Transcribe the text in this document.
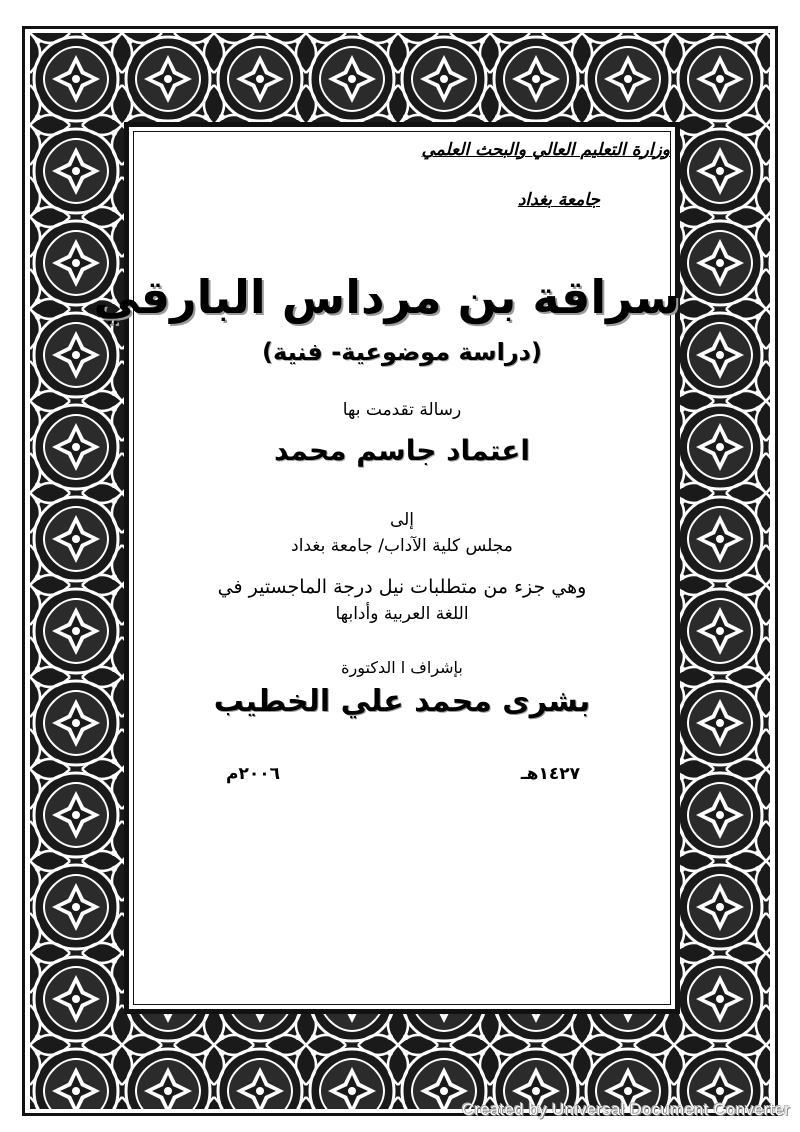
وزارة التعليم العالي والبحث العلمي
جامعة بغداد
سراقة بن مرداس البارقي
(دراسة موضوعية- فنية)
رسالة تقدمت بها
اعتماد جاسم محمد
إلى
مجلس كلية الآداب/ جامعة بغداد
وهي جزء من متطلبات نيل درجة الماجستير في
اللغة العربية وأدابها
بإشراف ا الدكتورة
بشرى محمد علي الخطيب
١٤٢٧هـ
٢٠٠٦م
Created by Universal Document Converter
